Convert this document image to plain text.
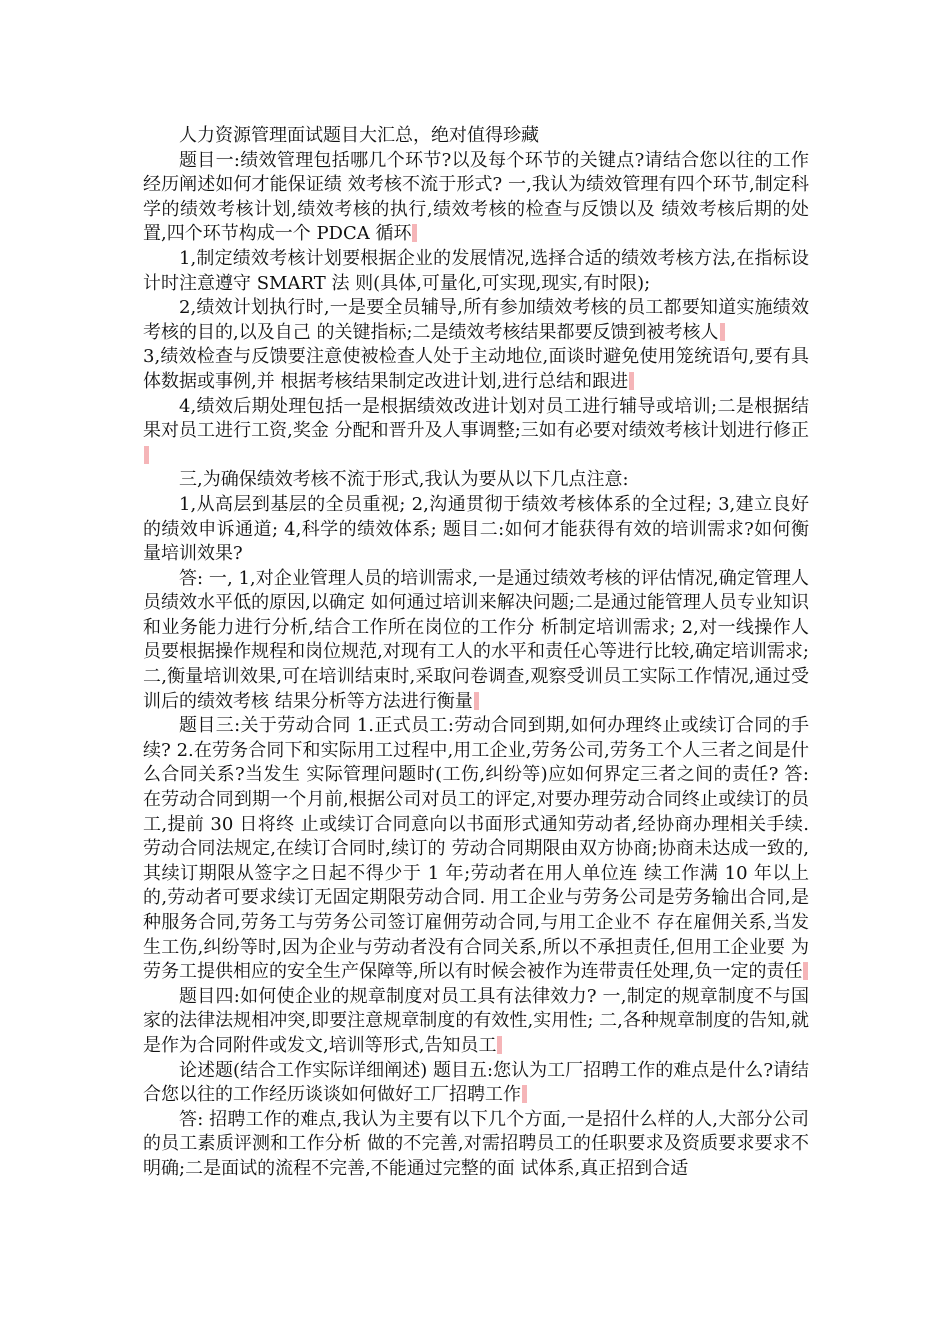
人力资源管理面试题目大汇总，绝对值得珍藏

题目一:绩效管理包括哪几个环节?以及每个环节的关键点?请结合您以往的工作经历阐述如何才能保证绩 效考核不流于形式? 一,我认为绩效管理有四个环节,制定科学的绩效考核计划,绩效考核的执行,绩效考核的检查与反馈以及 绩效考核后期的处置,四个环节构成一个 PDCA 循环

1,制定绩效考核计划要根据企业的发展情况,选择合适的绩效考核方法,在指标设计时注意遵守 SMART 法 则(具体,可量化,可实现,现实,有时限);

2,绩效计划执行时,一是要全员辅导,所有参加绩效考核的员工都要知道实施绩效考核的目的,以及自己 的关键指标;二是绩效考核结果都要反馈到被考核人

3,绩效检查与反馈要注意使被检查人处于主动地位,面谈时避免使用笼统语句,要有具体数据或事例,并 根据考核结果制定改进计划,进行总结和跟进

4,绩效后期处理包括一是根据绩效改进计划对员工进行辅导或培训;二是根据结果对员工进行工资,奖金 分配和晋升及人事调整;三如有必要对绩效考核计划进行修正

三,为确保绩效考核不流于形式,我认为要从以下几点注意:

1,从高层到基层的全员重视; 2,沟通贯彻于绩效考核体系的全过程; 3,建立良好的绩效申诉通道; 4,科学的绩效体系; 题目二:如何才能获得有效的培训需求?如何衡量培训效果?

答: 一, 1,对企业管理人员的培训需求,一是通过绩效考核的评估情况,确定管理人员绩效水平低的原因,以确定 如何通过培训来解决问题;二是通过能管理人员专业知识和业务能力进行分析,结合工作所在岗位的工作分 析制定培训需求; 2,对一线操作人员要根据操作规程和岗位规范,对现有工人的水平和责任心等进行比较,确定培训需求; 二,衡量培训效果,可在培训结束时,采取问卷调查,观察受训员工实际工作情况,通过受训后的绩效考核 结果分析等方法进行衡量

题目三:关于劳动合同 1.正式员工:劳动合同到期,如何办理终止或续订合同的手续? 2.在劳务合同下和实际用工过程中,用工企业,劳务公司,劳务工个人三者之间是什么合同关系?当发生 实际管理问题时(工伤,纠纷等)应如何界定三者之间的责任? 答: 在劳动合同到期一个月前,根据公司对员工的评定,对要办理劳动合同终止或续订的员工,提前 30 日将终 止或续订合同意向以书面形式通知劳动者,经协商办理相关手续.劳动合同法规定,在续订合同时,续订的 劳动合同期限由双方协商;协商未达成一致的,其续订期限从签字之日起不得少于 1 年;劳动者在用人单位连 续工作满 10 年以上的,劳动者可要求续订无固定期限劳动合同. 用工企业与劳务公司是劳务输出合同,是种服务合同,劳务工与劳务公司签订雇佣劳动合同,与用工企业不 存在雇佣关系,当发生工伤,纠纷等时,因为企业与劳动者没有合同关系,所以不承担责任,但用工企业要 为劳务工提供相应的安全生产保障等,所以有时候会被作为连带责任处理,负一定的责任

题目四:如何使企业的规章制度对员工具有法律效力? 一,制定的规章制度不与国家的法律法规相冲突,即要注意规章制度的有效性,实用性; 二,各种规章制度的告知,就是作为合同附件或发文,培训等形式,告知员工

论述题(结合工作实际详细阐述) 题目五:您认为工厂招聘工作的难点是什么?请结合您以往的工作经历谈谈如何做好工厂招聘工作

答: 招聘工作的难点,我认为主要有以下几个方面,一是招什么样的人,大部分公司的员工素质评测和工作分析 做的不完善,对需招聘员工的任职要求及资质要求要求不明确;二是面试的流程不完善,不能通过完整的面 试体系,真正招到合适
